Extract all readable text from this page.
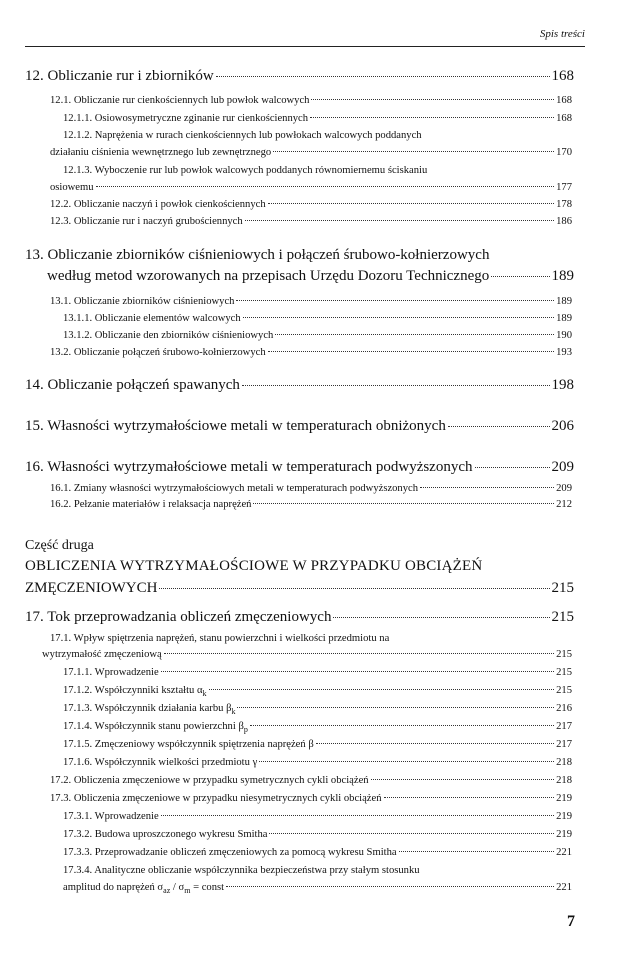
Spis treści
12. Obliczanie rur i zbiorników	168
12.1. Obliczanie rur cienkościennych lub powłok walcowych	168
12.1.1. Osiowosymetryczne zginanie rur cienkościennych	168
12.1.2. Naprężenia w rurach cienkościennych lub powłokach walcowych poddanych
działaniu ciśnienia wewnętrznego lub zewnętrznego	170
12.1.3. Wyboczenie rur lub powłok walcowych poddanych równomiernemu ściskaniu
osiowemu	177
12.2. Obliczanie naczyń i powłok cienkościennych	178
12.3. Obliczanie rur i naczyń grubościennych	186
13. Obliczanie zbiorników ciśnieniowych i połączeń śrubowo-kołnierzowych
według metod wzorowanych na przepisach Urzędu Dozoru Technicznego	189
13.1. Obliczanie zbiorników ciśnieniowych	189
13.1.1. Obliczanie elementów walcowych	189
13.1.2. Obliczanie den zbiorników ciśnieniowych	190
13.2. Obliczanie połączeń śrubowo-kołnierzowych	193
14. Obliczanie połączeń spawanych	198
15. Własności wytrzymałościowe metali w temperaturach obniżonych	206
16. Własności wytrzymałościowe metali w temperaturach podwyższonych	209
16.1. Zmiany własności wytrzymałościowych metali w temperaturach podwyższonych	209
16.2. Pełzanie materiałów i relaksacja naprężeń	212
Część druga
OBLICZENIA WYTRZYMAŁOŚCIOWE W PRZYPADKU OBCIĄŻEŃ
ZMĘCZENIOWYCH	215
17. Tok przeprowadzania obliczeń zmęczeniowych	215
17.1. Wpływ spiętrzenia naprężeń, stanu powierzchni i wielkości przedmiotu na
wytrzymałość zmęczeniową	215
17.1.1. Wprowadzenie	215
17.1.2. Współczynniki kształtu $\alpha_k$	215
17.1.3. Współczynnik działania karbu $\beta_k$	216
17.1.4. Współczynnik stanu powierzchni $\beta_p$	217
17.1.5. Zmęczeniowy współczynnik spiętrzenia naprężeń β	217
17.1.6. Współczynnik wielkości przedmiotu γ	218
17.2. Obliczenia zmęczeniowe w przypadku symetrycznych cykli obciążeń	218
17.3. Obliczenia zmęczeniowe w przypadku niesymetrycznych cykli obciążeń	219
17.3.1. Wprowadzenie	219
17.3.2. Budowa uproszczonego wykresu Smitha	219
17.3.3. Przeprowadzanie obliczeń zmęczeniowych za pomocą wykresu Smitha	221
17.3.4. Analityczne obliczanie współczynnika bezpieczeństwa przy stałym stosunku
amplitud do naprężeń $\sigma_{az} / \sigma_m$ = const	221
7
